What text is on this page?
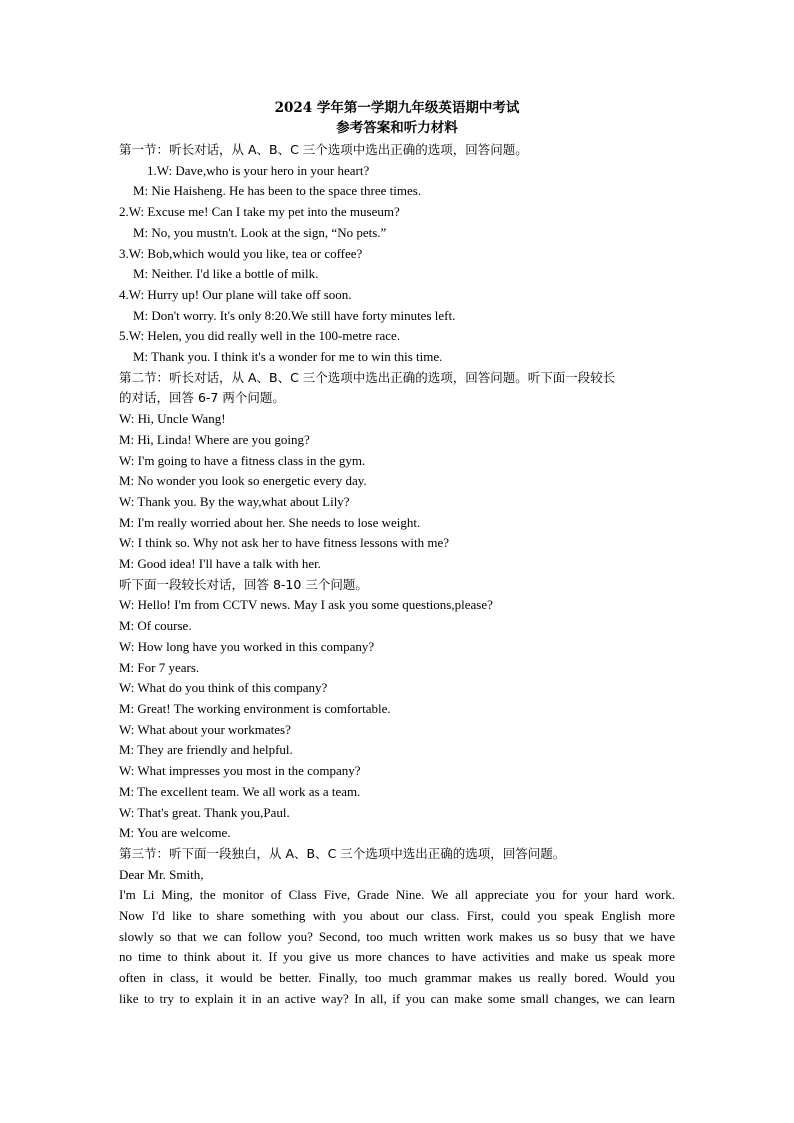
2024 学年第一学期九年级英语期中考试
参考答案和听力材料
第一节：听长对话，从 A、B、C 三个选项中选出正确的选项，回答问题。
1.W: Dave,who is your hero in your heart?
M: Nie Haisheng. He has been to the space three times.
2.W: Excuse me! Can I take my pet into the museum?
M: No, you mustn't. Look at the sign, “No pets.”
3.W: Bob,which would you like, tea or coffee?
M: Neither. I'd like a bottle of milk.
4.W: Hurry up! Our plane will take off soon.
M: Don't worry. It's only 8:20.We still have forty minutes left.
5.W: Helen, you did really well in the 100-metre race.
M: Thank you. I think it's a wonder for me to win this time.
第二节：听长对话，从 A、B、C 三个选项中选出正确的选项，回答问题。听下面一段较长
的对话，回答 6-7 两个问题。
W: Hi, Uncle Wang!
M: Hi, Linda! Where are you going?
W: I'm going to have a fitness class in the gym.
M: No wonder you look so energetic every day.
W: Thank you. By the way,what about Lily?
M: I'm really worried about her. She needs to lose weight.
W: I think so. Why not ask her to have fitness lessons with me?
M: Good idea! I'll have a talk with her.
听下面一段较长对话，回答 8-10 三个问题。
W: Hello! I'm from CCTV news. May I ask you some questions,please?
M: Of course.
W: How long have you worked in this company?
M: For 7 years.
W: What do you think of this company?
M: Great! The working environment is comfortable.
W: What about your workmates?
M: They are friendly and helpful.
W: What impresses you most in the company?
M: The excellent team. We all work as a team.
W: That's great. Thank you,Paul.
M: You are welcome.
第三节：听下面一段独白，从 A、B、C 三个选项中选出正确的选项，回答问题。
Dear Mr. Smith,
I'm Li Ming, the monitor of Class Five, Grade Nine. We all appreciate you for your hard work.
Now I'd like to share something with you about our class. First, could you speak English more
slowly so that we can follow you? Second, too much written work makes us so busy that we have
no time to think about it. If you give us more chances to have activities and make us speak more
often in class, it would be better. Finally, too much grammar makes us really bored. Would you
like to try to explain it in an active way? In all, if you can make some small changes, we can learn
